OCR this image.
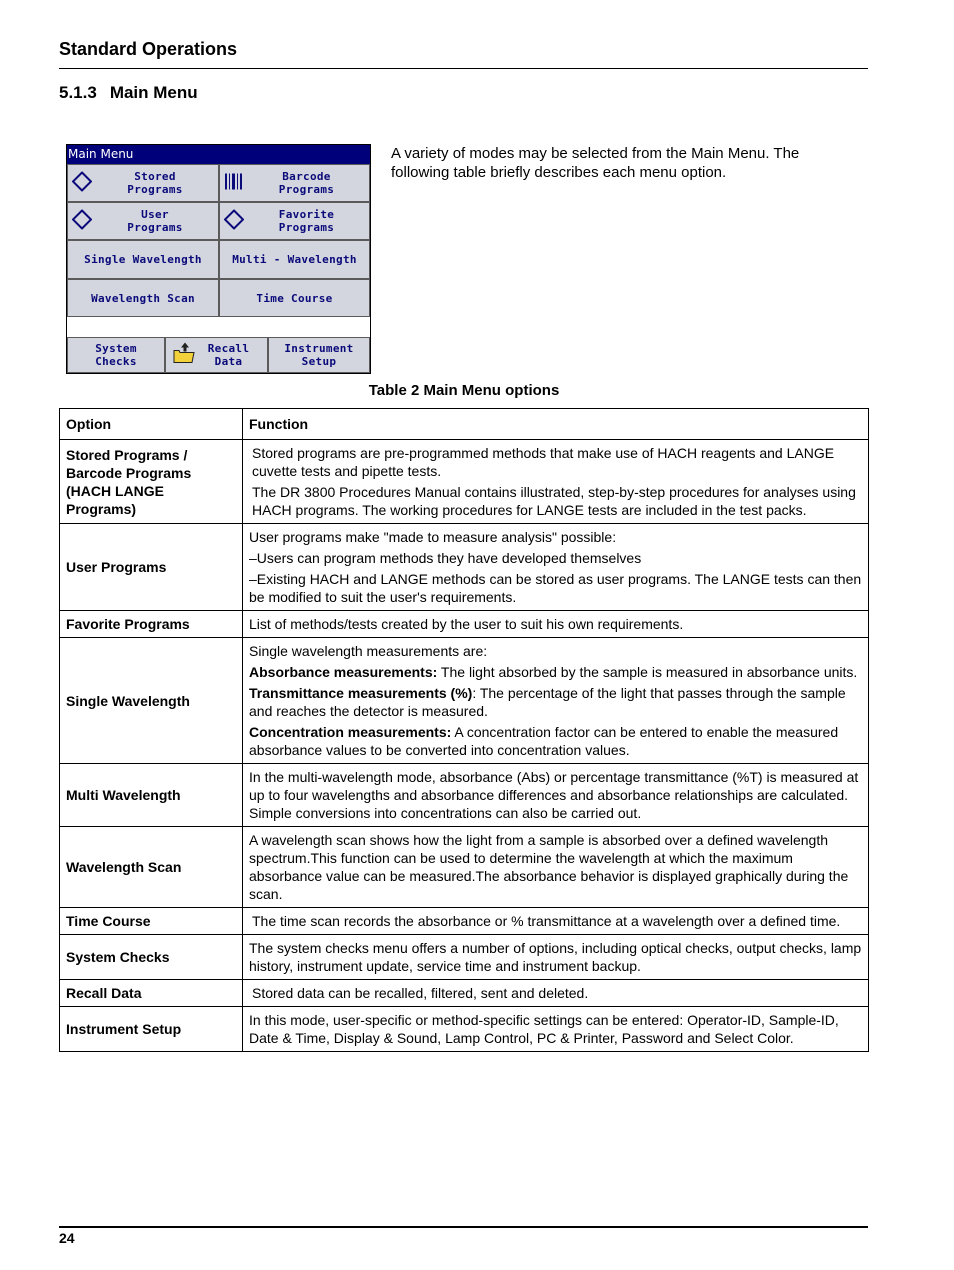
Standard Operations
5.1.3 Main Menu
Main Menu
Stored
Programs
Barcode
Programs
User
Programs
Favorite
Programs
Single Wavelength	Multi - Wavelength
Wavelength Scan	Time Course
System
Checks
Recall
Data
Instrument
Setup
A variety of modes may be selected from the Main Menu. The following table briefly describes each menu option.
Table 2 Main Menu options
Option	Function
Stored Programs / Barcode Programs (HACH LANGE Programs)	Stored programs are pre-programmed methods that make use of HACH reagents and LANGE cuvette tests and pipette tests.

The DR 3800 Procedures Manual contains illustrated, step-by-step procedures for analyses using HACH programs. The working procedures for LANGE tests are included in the test packs.

User Programs	User programs make "made to measure analysis" possible:

–Users can program methods they have developed themselves

–Existing HACH and LANGE methods can be stored as user programs. The LANGE tests can then be modified to suit the user's requirements.

Favorite Programs	List of methods/tests created by the user to suit his own requirements.

Single Wavelength	Single wavelength measurements are:

Absorbance measurements: The light absorbed by the sample is measured in absorbance units.

Transmittance measurements (%): The percentage of the light that passes through the sample and reaches the detector is measured.

Concentration measurements: A concentration factor can be entered to enable the measured absorbance values to be converted into concentration values.

Multi Wavelength	In the multi-wavelength mode, absorbance (Abs) or percentage transmittance (%T) is measured at up to four wavelengths and absorbance differences and absorbance relationships are calculated. Simple conversions into concentrations can also be carried out.

Wavelength Scan	A wavelength scan shows how the light from a sample is absorbed over a defined wavelength spectrum.This function can be used to determine the wavelength at which the maximum absorbance value can be measured.The absorbance behavior is displayed graphically during the scan.

Time Course	The time scan records the absorbance or % transmittance at a wavelength over a defined time.

System Checks	The system checks menu offers a number of options, including optical checks, output checks, lamp history, instrument update, service time and instrument backup.

Recall Data	Stored data can be recalled, filtered, sent and deleted.

Instrument Setup	In this mode, user-specific or method-specific settings can be entered: Operator-ID, Sample-ID, Date & Time, Display & Sound, Lamp Control, PC & Printer, Password and Select Color.

24
